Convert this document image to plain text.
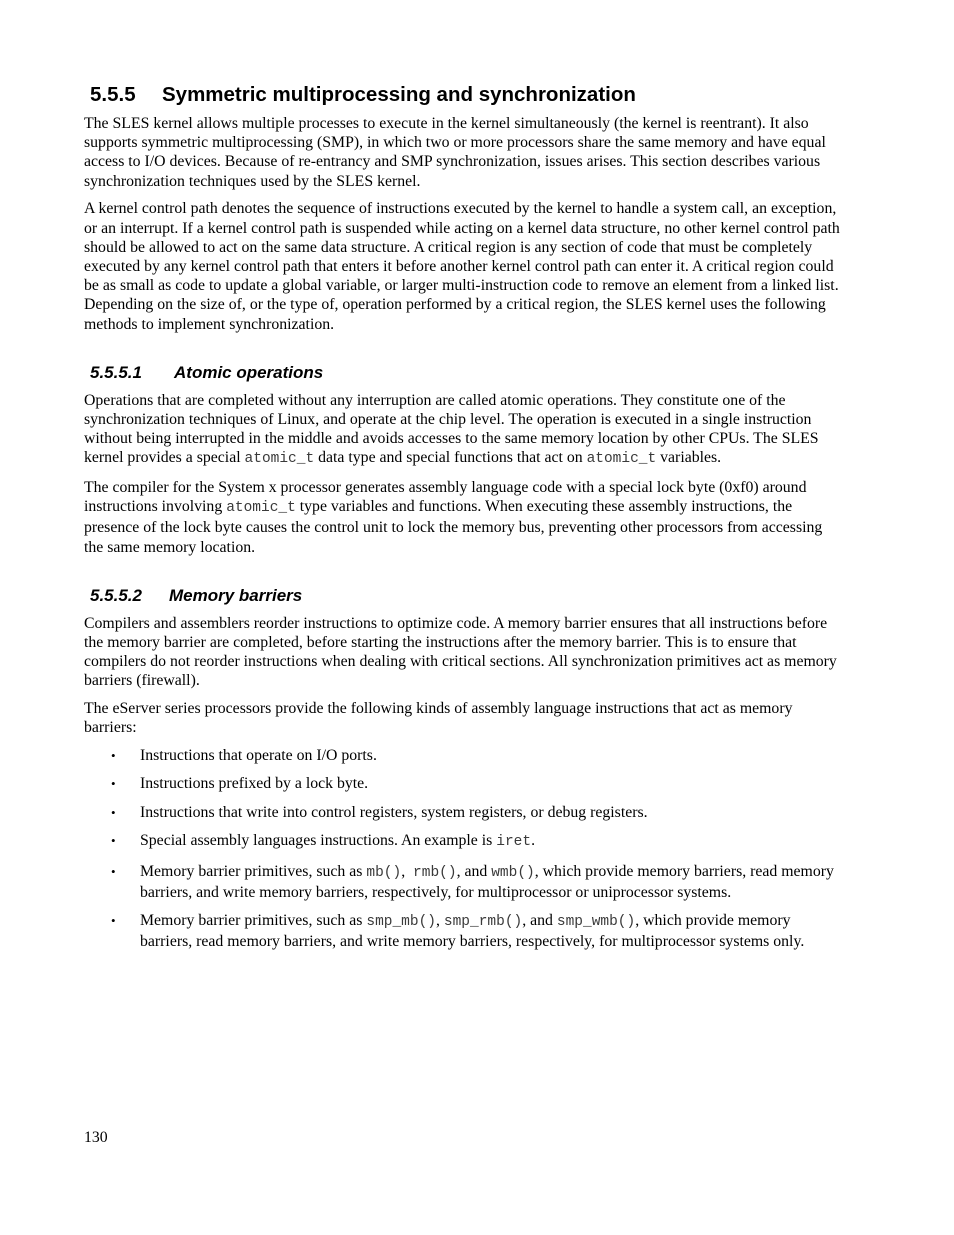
5.5.5 Symmetric multiprocessing and synchronization

The SLES kernel allows multiple processes to execute in the kernel simultaneously (the kernel is reentrant). It also supports symmetric multiprocessing (SMP), in which two or more processors share the same memory and have equal access to I/O devices. Because of re-entrancy and SMP synchronization, issues arises. This section describes various synchronization techniques used by the SLES kernel.

A kernel control path denotes the sequence of instructions executed by the kernel to handle a system call, an exception, or an interrupt. If a kernel control path is suspended while acting on a kernel data structure, no other kernel control path should be allowed to act on the same data structure. A critical region is any section of code that must be completely executed by any kernel control path that enters it before another kernel control path can enter it. A critical region could be as small as code to update a global variable, or larger multi-instruction code to remove an element from a linked list. Depending on the size of, or the type of, operation performed by a critical region, the SLES kernel uses the following methods to implement synchronization.

5.5.5.1 Atomic operations

Operations that are completed without any interruption are called atomic operations. They constitute one of the synchronization techniques of Linux, and operate at the chip level. The operation is executed in a single instruction without being interrupted in the middle and avoids accesses to the same memory location by other CPUs. The SLES kernel provides a special atomic_t data type and special functions that act on atomic_t variables.

The compiler for the System x processor generates assembly language code with a special lock byte (0xf0) around instructions involving atomic_t type variables and functions. When executing these assembly instructions, the presence of the lock byte causes the control unit to lock the memory bus, preventing other processors from accessing the same memory location.

5.5.5.2 Memory barriers

Compilers and assemblers reorder instructions to optimize code. A memory barrier ensures that all instructions before the memory barrier are completed, before starting the instructions after the memory barrier. This is to ensure that compilers do not reorder instructions when dealing with critical sections. All synchronization primitives act as memory barriers (firewall).

The eServer series processors provide the following kinds of assembly language instructions that act as memory barriers:

• Instructions that operate on I/O ports.
• Instructions prefixed by a lock byte.
• Instructions that write into control registers, system registers, or debug registers.
• Special assembly languages instructions. An example is iret.
• Memory barrier primitives, such as mb(),  rmb(), and wmb(), which provide memory barriers, read memory barriers, and write memory barriers, respectively, for multiprocessor or uniprocessor systems.
• Memory barrier primitives, such as smp_mb(), smp_rmb(), and smp_wmb(), which provide memory barriers, read memory barriers, and write memory barriers, respectively, for multiprocessor systems only.
130
